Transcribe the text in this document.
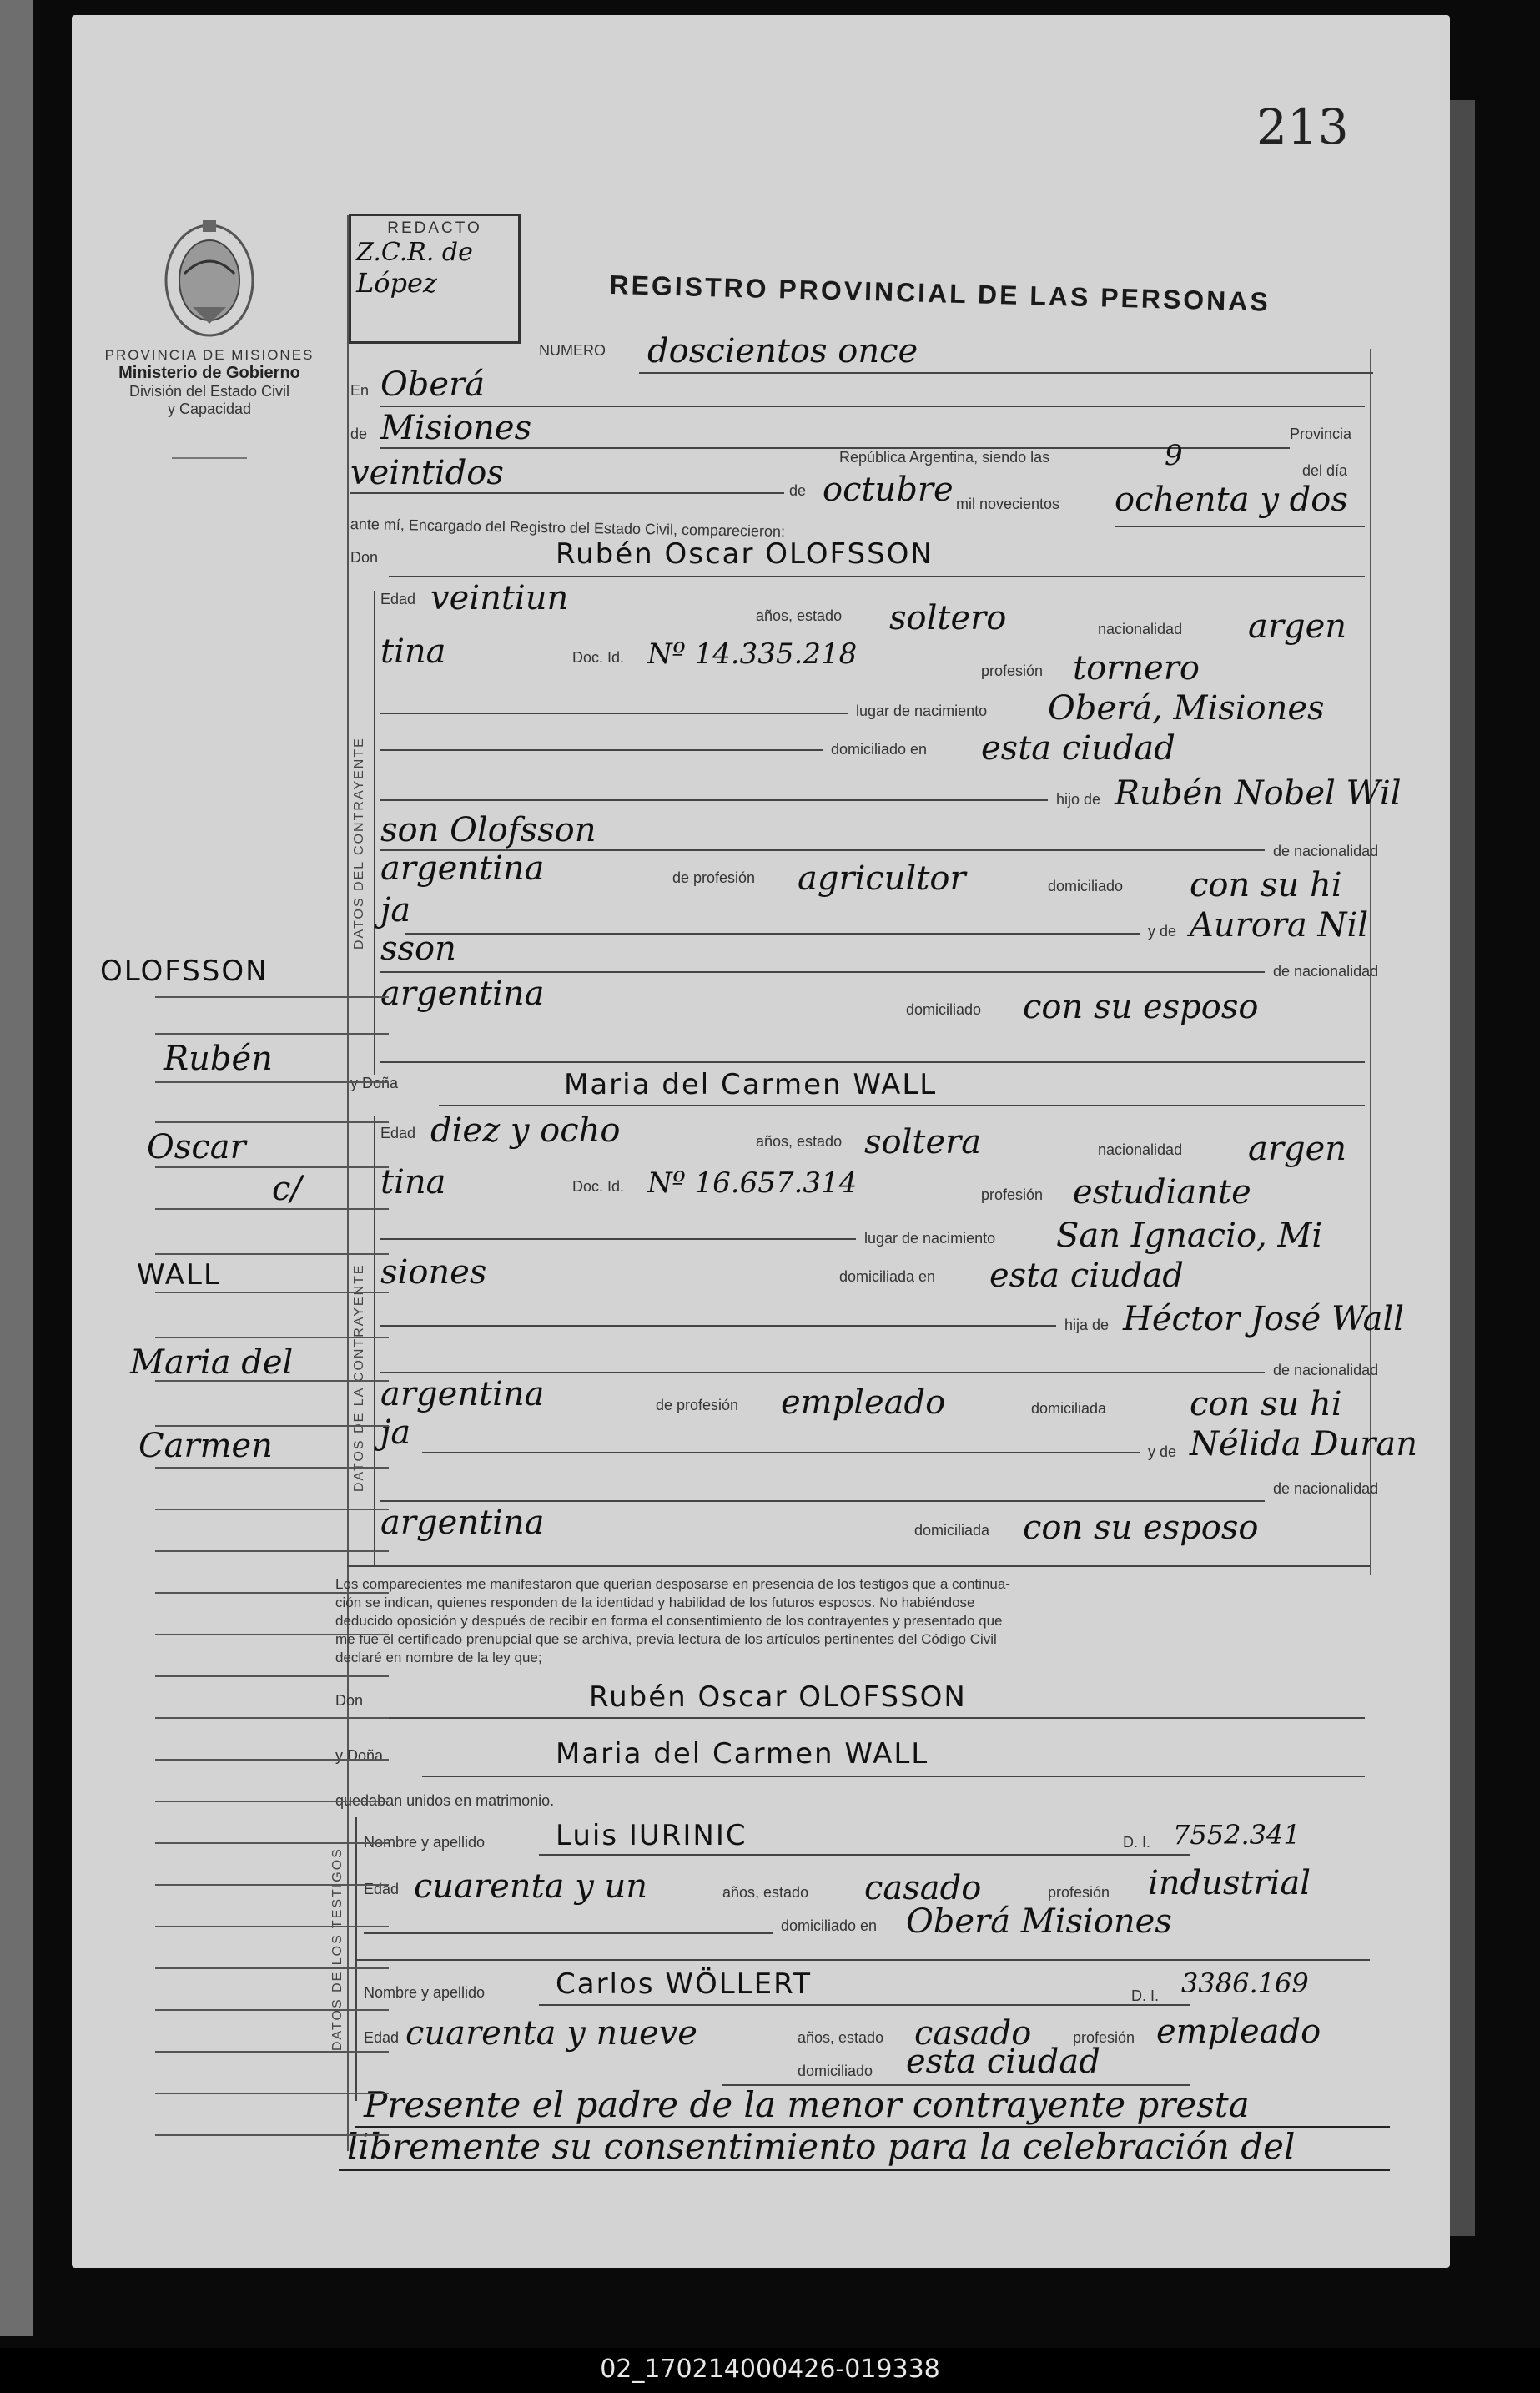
213
PROVINCIA DE MISIONES
Ministerio de Gobierno
División del Estado Civil
y Capacidad
REDACTO
Z.C.R. de
López	REGISTRO PROVINCIAL DE LAS PERSONAS
NUMERO doscientos once
En Oberá
de Misiones	Provincia
República Argentina, siendo las	9	del día
veintidos	de octubre mil novecientos ochenta y dos
ante mí, Encargado del Registro del Estado Civil, comparecieron:
Don	Rubén Oscar OLOFSSON
DATOS DEL CONTRAYENTE
Edad veintiun	años, estado soltero	nacionalidad argen
tina	Doc. Id. Nº 14.335.218	profesión tornero
lugar de nacimiento Oberá, Misiones
domiciliado en esta ciudad
hijo de Rubén Nobel Wil
son Olofsson
de nacionalidad
argentina	de profesión agricultor	domiciliado con su hi
ja
y de Aurora Nil
sson
de nacionalidad
argentina	domiciliado con su esposo
y Doña	Maria del Carmen WALL
DATOS DE LA CONTRAYENTE
Edad diez y ocho	años, estado soltera	nacionalidad argen
tina	Doc. Id. Nº 16.657.314	profesión estudiante
lugar de nacimiento San Ignacio, Mi
siones	domiciliada en esta ciudad
hija de Héctor José Wall
de nacionalidad
argentina	de profesión empleado	domiciliada con su hi
ja	y de Nélida Duran
de nacionalidad
argentina	domiciliada con su esposo
Los comparecientes me manifestaron que querían desposarse en presencia de los testigos que a continua-
ción se indican, quienes responden de la identidad y habilidad de los futuros esposos. No habiéndose
deducido oposición y después de recibir en forma el consentimiento de los contrayentes y presentado que
me fue el certificado prenupcial que se archiva, previa lectura de los artículos pertinentes del Código Civil
declaré en nombre de la ley que;
Don	Rubén Oscar OLOFSSON
y Doña	Maria del Carmen WALL
quedaban unidos en matrimonio.
DATOS DE LOS TESTIGOS
Nombre y apellido Luis IURINIC	D. I. 7552.341
Edad cuarenta y un	años, estado casado	profesión industrial
domiciliado en Oberá Misiones
Nombre y apellido Carlos WÖLLERT	D. I. 3386.169
Edad cuarenta y nueve	años, estado casado	profesión empleado
domiciliado esta ciudad
Presente el padre de la menor contrayente presta
libremente su consentimiento para la celebración del
OLOFSSON
Rubén
Oscar
c/
WALL
Maria del
Carmen
02_170214000426-019338
